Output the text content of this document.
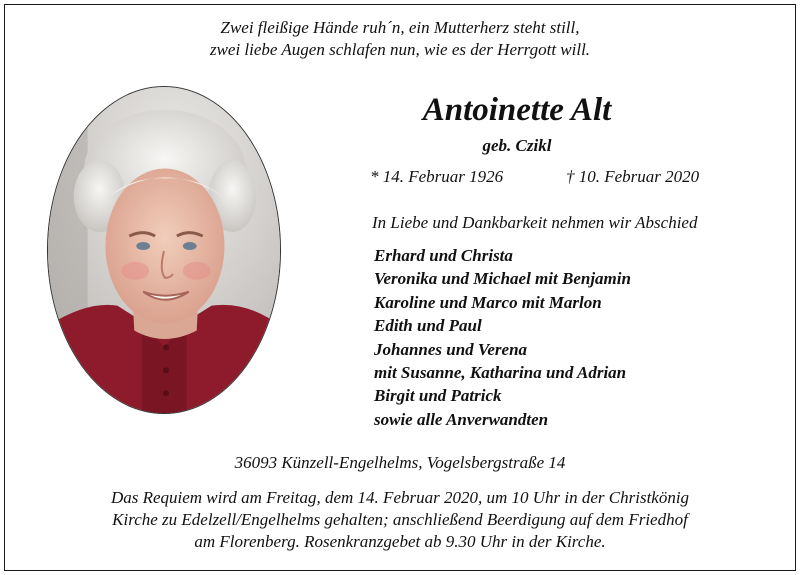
Zwei fleißige Hände ruh´n, ein Mutterherz steht still,
zwei liebe Augen schlafen nun, wie es der Herrgott will.
Antoinette Alt
geb. Czikl
* 14. Februar 1926	† 10. Februar 2020
In Liebe und Dankbarkeit nehmen wir Abschied
Erhard und Christa
Veronika und Michael mit Benjamin
Karoline und Marco mit Marlon
Edith und Paul
Johannes und Verena
mit Susanne, Katharina und Adrian
Birgit und Patrick
sowie alle Anverwandten
36093 Künzell-Engelhelms, Vogelsbergstraße 14
Das Requiem wird am Freitag, dem 14. Februar 2020, um 10 Uhr in der Christkönig
Kirche zu Edelzell/Engelhelms gehalten; anschließend Beerdigung auf dem Friedhof
am Florenberg. Rosenkranzgebet ab 9.30 Uhr in der Kirche.
